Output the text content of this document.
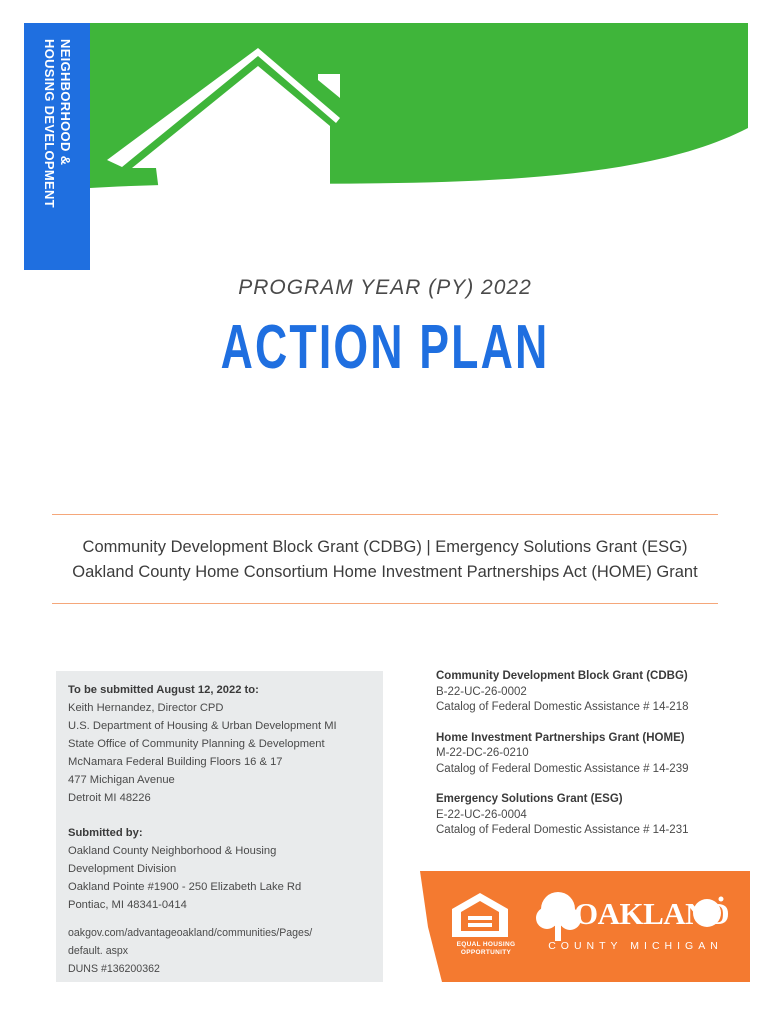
NEIGHBORHOOD &
HOUSING DEVELOPMENT
PROGRAM YEAR (PY) 2022
ACTION PLAN
Community Development Block Grant (CDBG) | Emergency Solutions Grant (ESG)
Oakland County Home Consortium Home Investment Partnerships Act (HOME) Grant
To be submitted August 12, 2022 to:
Keith Hernandez, Director CPD
U.S. Department of Housing & Urban Development MI
State Office of Community Planning & Development
McNamara Federal Building Floors 16 & 17
477 Michigan Avenue
Detroit MI 48226
Submitted by:
Oakland County Neighborhood & Housing
Development Division
Oakland Pointe #1900 - 250 Elizabeth Lake Rd
Pontiac, MI 48341-0414
oakgov.com/advantageoakland/communities/Pages/
default. aspx
DUNS #136200362
Community Development Block Grant (CDBG)
B-22-UC-26-0002
Catalog of Federal Domestic Assistance # 14-218
Home Investment Partnerships Grant (HOME)
M-22-DC-26-0210
Catalog of Federal Domestic Assistance # 14-239
Emergency Solutions Grant (ESG)
E-22-UC-26-0004
Catalog of Federal Domestic Assistance # 14-231
EQUAL HOUSING
OPPORTUNITY
OAKLAND
COUNTY MICHIGAN
